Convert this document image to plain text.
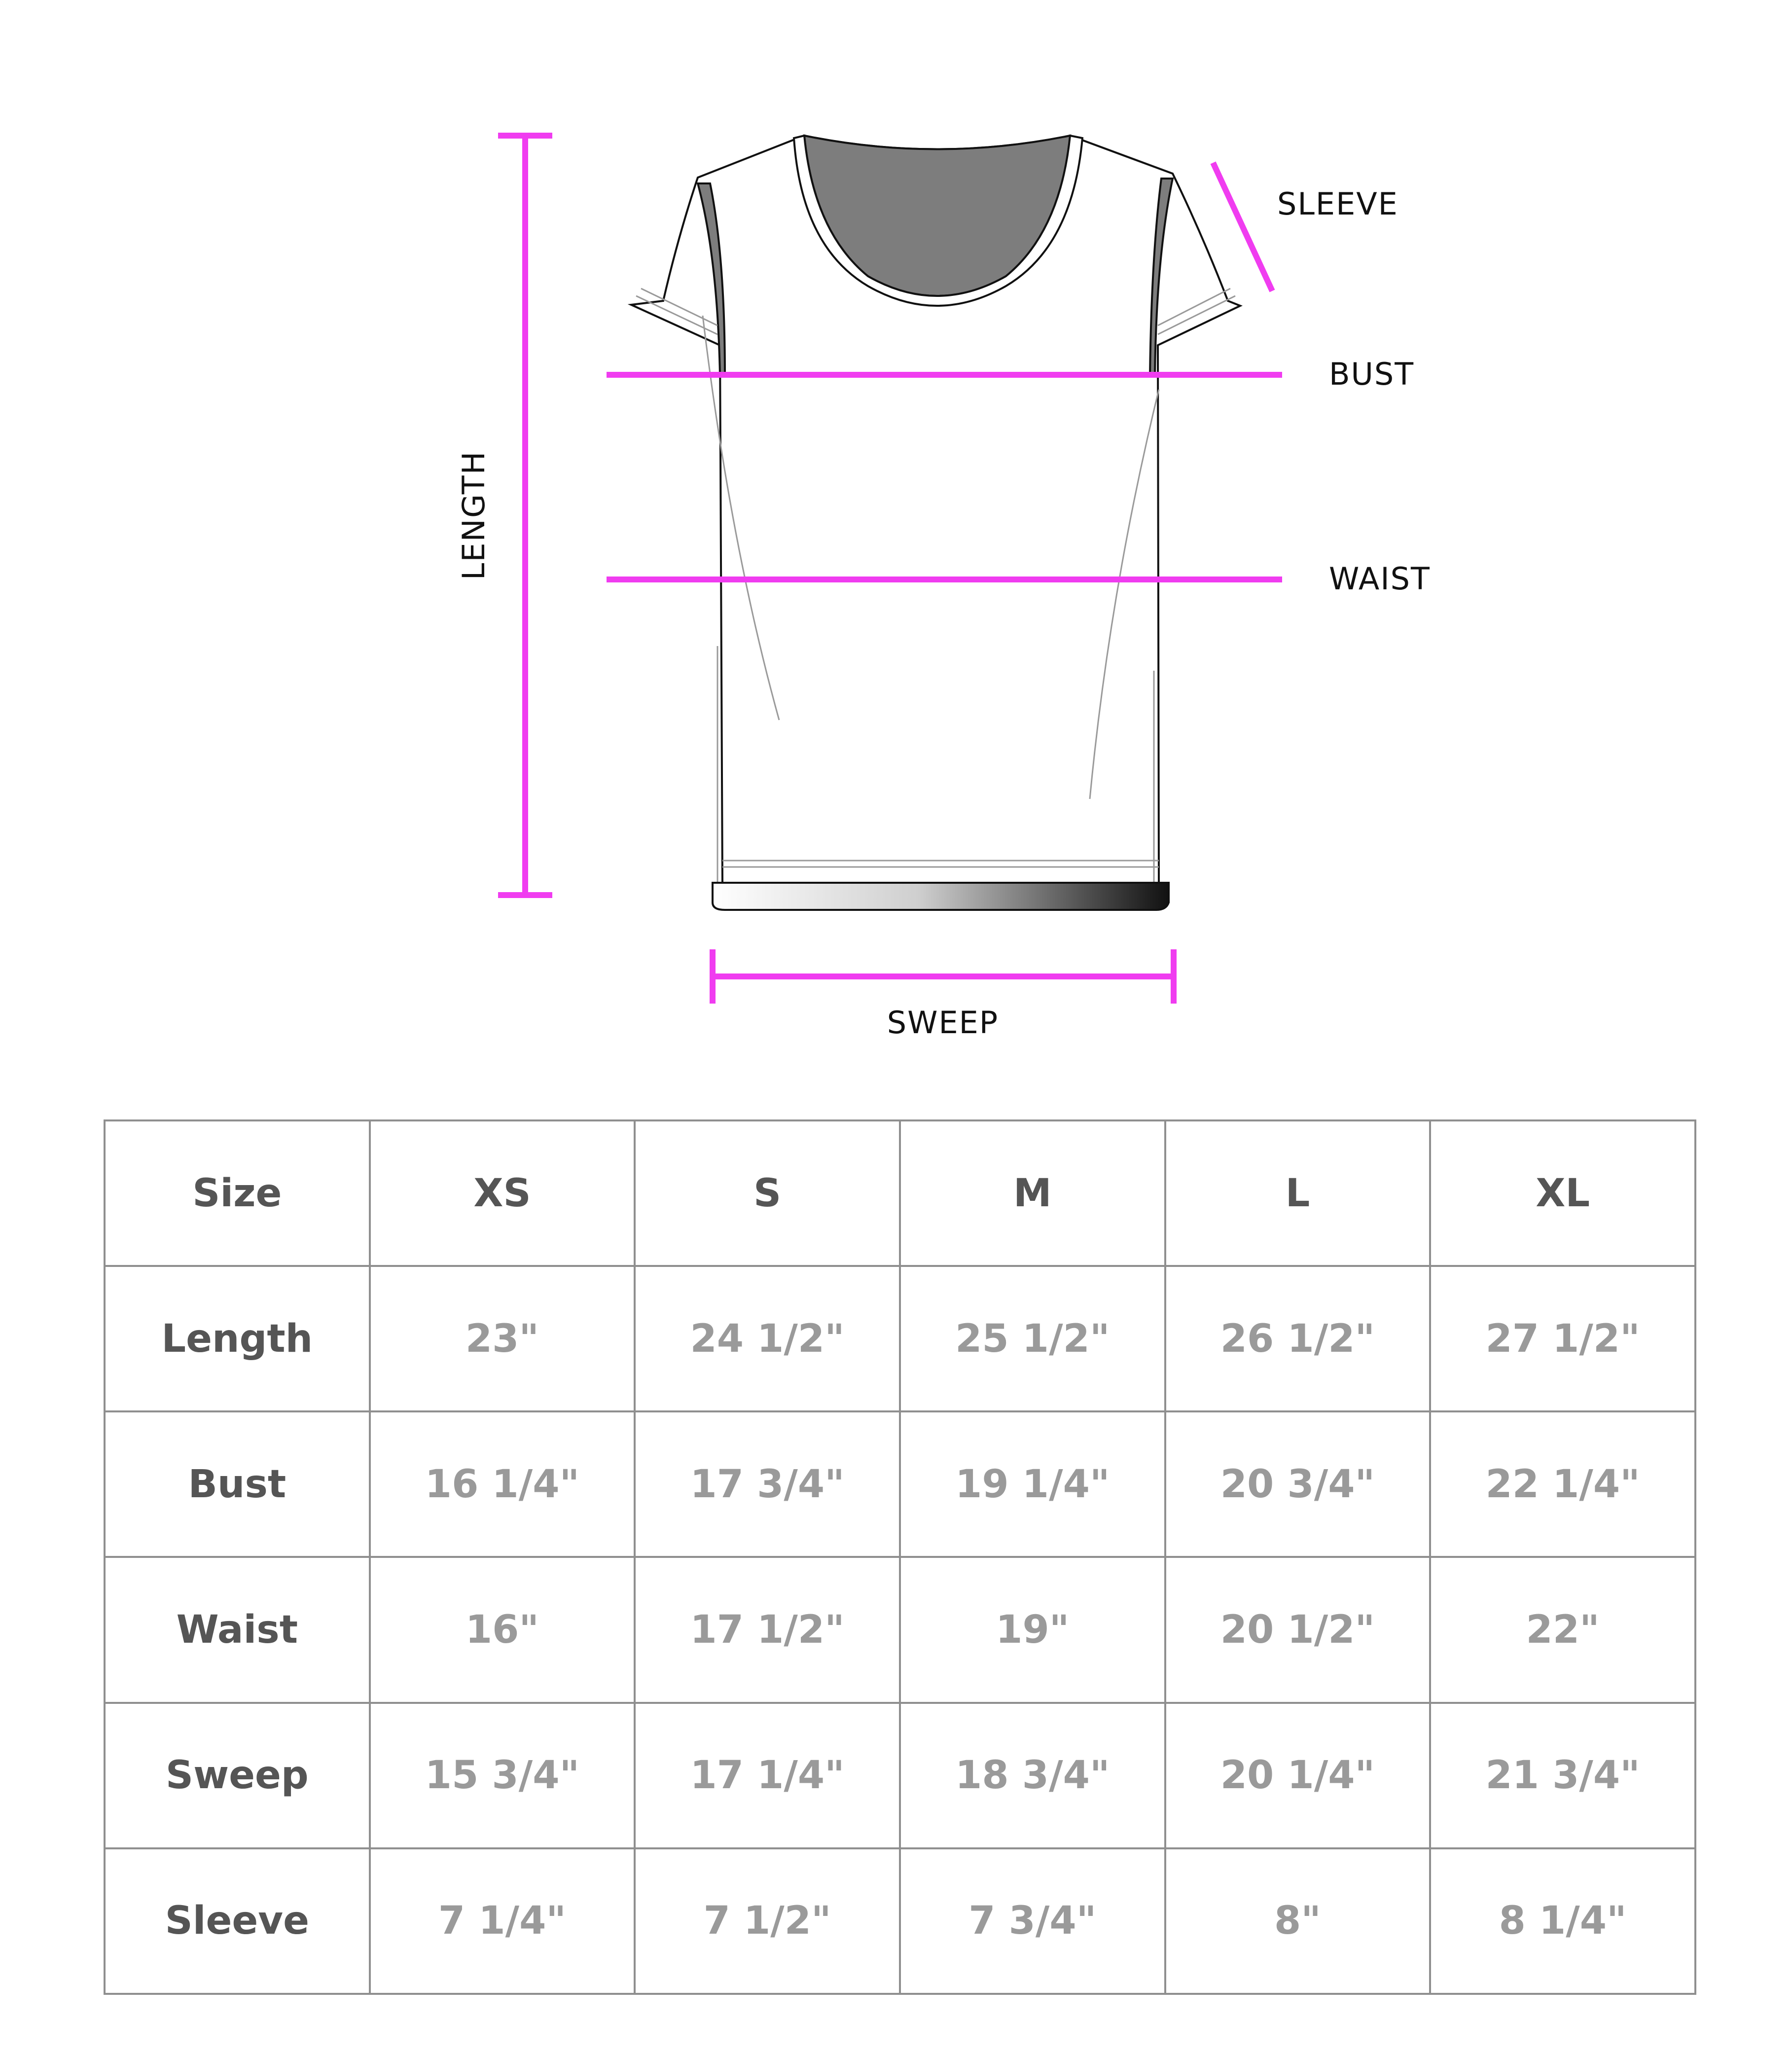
SLEEVE
BUST
WAIST
LENGTH
SWEEP
Size	XS	S	M	L	XL
Length	23"	24 1/2"	25 1/2"	26 1/2"	27 1/2"
Bust	16 1/4"	17 3/4"	19 1/4"	20 3/4"	22 1/4"
Waist	16"	17 1/2"	19"	20 1/2"	22"
Sweep	15 3/4"	17 1/4"	18 3/4"	20 1/4"	21 3/4"
Sleeve	7 1/4"	7 1/2"	7 3/4"	8"	8 1/4"
